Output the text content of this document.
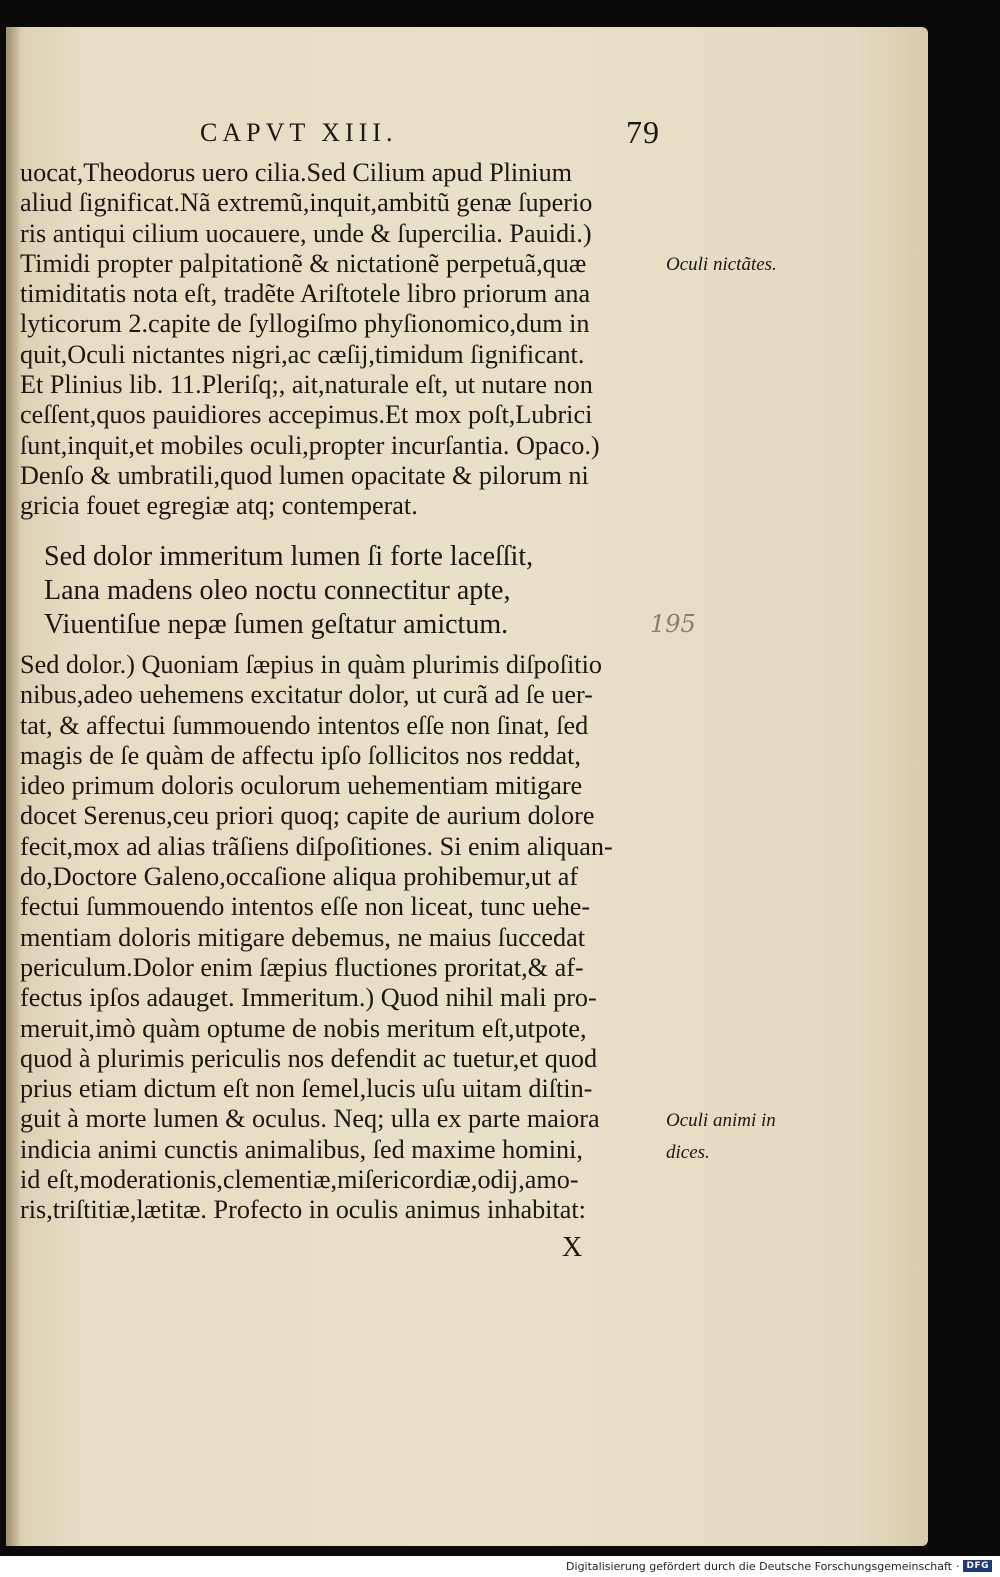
CAPVT XIII.	79
uocat,Theodorus uero cilia.Sed Cilium apud Plinium
aliud ſignificat.Nã extremũ,inquit,ambitũ genæ ſuperio
ris antiqui cilium uocauere, unde & ſupercilia. Pauidi.)
Timidi propter palpitationẽ & nictationẽ perpetuã,quæ
timiditatis nota eſt, tradẽte Ariſtotele libro priorum ana
lyticorum 2.capite de ſyllogiſmo phyſionomico,dum in
quit,Oculi nictantes nigri,ac cæſij,timidum ſignificant.
Et Plinius lib. 11.Pleriſq;, ait,naturale eſt, ut nutare non
ceſſent,quos pauidiores accepimus.Et mox poſt,Lubrici
ſunt,inquit,et mobiles oculi,propter incurſantia. Opaco.)
Denſo & umbratili,quod lumen opacitate & pilorum ni
gricia fouet egregiæ atq; contemperat.
Sed dolor immeritum lumen ſi forte laceſſit,
Lana madens oleo noctu connectitur apte,
Viuentiſue nepæ ſumen geſtatur amictum.
Sed dolor.) Quoniam ſæpius in quàm plurimis diſpoſitio
nibus,adeo uehemens excitatur dolor, ut curã ad ſe uer-
tat, & affectui ſummouendo intentos eſſe non ſinat, ſed
magis de ſe quàm de affectu ipſo ſollicitos nos reddat,
ideo primum doloris oculorum uehementiam mitigare
docet Serenus,ceu priori quoq; capite de aurium dolore
fecit,mox ad alias trãſiens diſpoſitiones. Si enim aliquan-
do,Doctore Galeno,occaſione aliqua prohibemur,ut af
fectui ſummouendo intentos eſſe non liceat, tunc uehe-
mentiam doloris mitigare debemus, ne maius ſuccedat
periculum.Dolor enim ſæpius fluctiones proritat,& af-
fectus ipſos adauget. Immeritum.) Quod nihil mali pro-
meruit,imò quàm optume de nobis meritum eſt,utpote,
quod à plurimis periculis nos defendit ac tuetur,et quod
prius etiam dictum eſt non ſemel,lucis uſu uitam diſtin-
guit à morte lumen & oculus. Neq; ulla ex parte maiora
indicia animi cunctis animalibus, ſed maxime homini,
id eſt,moderationis,clementiæ,miſericordiæ,odij,amo-
ris,triſtitiæ,lætitæ. Profecto in oculis animus inhabitat:
Oculi nictãtes.
Oculi animi in
dices.
195
X
Digitalisierung gefördert durch die Deutsche Forschungsgemeinschaft · DFG
